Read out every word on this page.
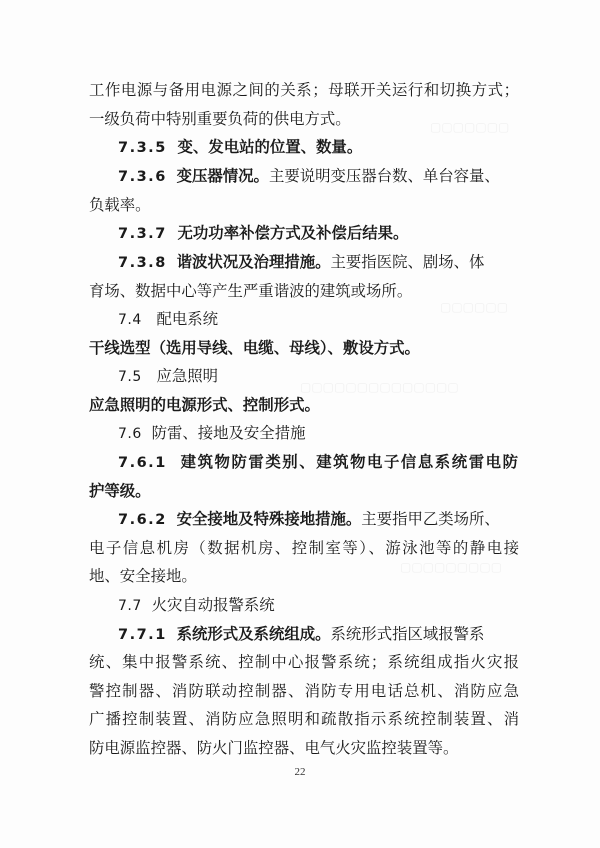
▢▢▢▢▢▢▢
▢▢▢▢▢▢
▢▢▢▢▢▢▢▢▢▢▢▢▢▢
▢▢▢▢▢▢▢▢▢
工作电源与备用电源之间的关系；母联开关运行和切换方式；
一级负荷中特别重要负荷的供电方式。
7.3.5 变、发电站的位置、数量。
7.3.6 变压器情况。主要说明变压器台数、单台容量、
负载率。
7.3.7 无功功率补偿方式及补偿后结果。
7.3.8 谐波状况及治理措施。主要指医院、剧场、体
育场、数据中心等产生严重谐波的建筑或场所。
7.4 配电系统
干线选型（选用导线、电缆、母线）、敷设方式。
7.5 应急照明
应急照明的电源形式、控制形式。
7.6 防雷、接地及安全措施
7.6.1 建筑物防雷类别、建筑物电子信息系统雷电防
护等级。
7.6.2 安全接地及特殊接地措施。主要指甲乙类场所、
电子信息机房（数据机房、控制室等）、游泳池等的静电接
地、安全接地。
7.7 火灾自动报警系统
7.7.1 系统形式及系统组成。系统形式指区域报警系
统、集中报警系统、控制中心报警系统；系统组成指火灾报
警控制器、消防联动控制器、消防专用电话总机、消防应急
广播控制装置、消防应急照明和疏散指示系统控制装置、消
防电源监控器、防火门监控器、电气火灾监控装置等。
22
